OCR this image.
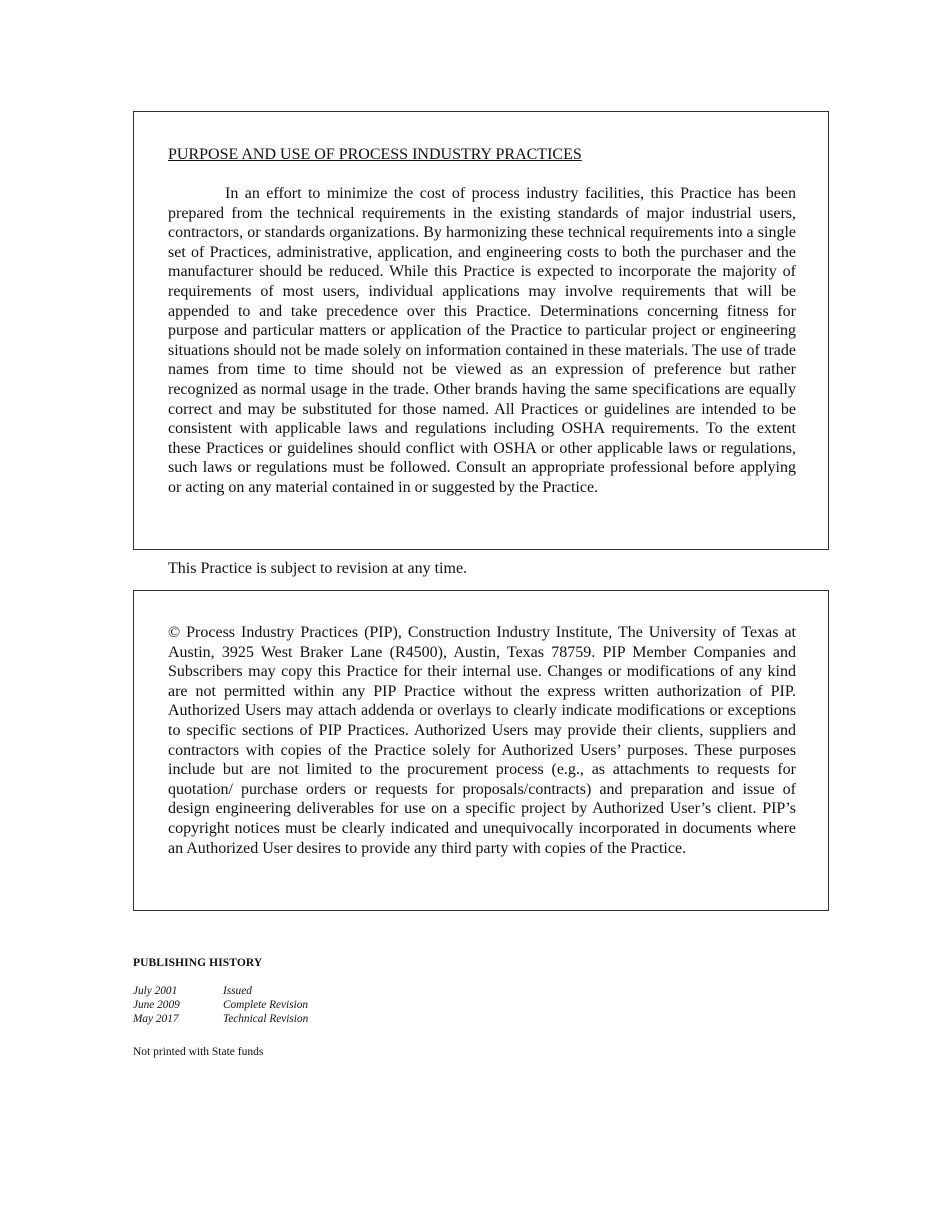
PURPOSE AND USE OF PROCESS INDUSTRY PRACTICES

In an effort to minimize the cost of process industry facilities, this Practice has been prepared from the technical requirements in the existing standards of major industrial users, contractors, or standards organizations. By harmonizing these technical requirements into a single set of Practices, administrative, application, and engineering costs to both the purchaser and the manufacturer should be reduced. While this Practice is expected to incorporate the majority of requirements of most users, individual applications may involve requirements that will be appended to and take precedence over this Practice. Determinations concerning fitness for purpose and particular matters or application of the Practice to particular project or engineering situations should not be made solely on information contained in these materials. The use of trade names from time to time should not be viewed as an expression of preference but rather recognized as normal usage in the trade. Other brands having the same specifications are equally correct and may be substituted for those named. All Practices or guidelines are intended to be consistent with applicable laws and regulations including OSHA requirements. To the extent these Practices or guidelines should conflict with OSHA or other applicable laws or regulations, such laws or regulations must be followed. Consult an appropriate professional before applying or acting on any material contained in or suggested by the Practice.

This Practice is subject to revision at any time.

© Process Industry Practices (PIP), Construction Industry Institute, The University of Texas at Austin, 3925 West Braker Lane (R4500), Austin, Texas 78759. PIP Member Companies and Subscribers may copy this Practice for their internal use. Changes or modifications of any kind are not permitted within any PIP Practice without the express written authorization of PIP. Authorized Users may attach addenda or overlays to clearly indicate modifications or exceptions to specific sections of PIP Practices. Authorized Users may provide their clients, suppliers and contractors with copies of the Practice solely for Authorized Users’ purposes. These purposes include but are not limited to the procurement process (e.g., as attachments to requests for quotation/ purchase orders or requests for proposals/contracts) and preparation and issue of design engineering deliverables for use on a specific project by Authorized User’s client. PIP’s copyright notices must be clearly indicated and unequivocally incorporated in documents where an Authorized User desires to provide any third party with copies of the Practice.

PUBLISHING HISTORY
July 2001	Issued
June 2009	Complete Revision
May 2017	Technical Revision
Not printed with State funds
